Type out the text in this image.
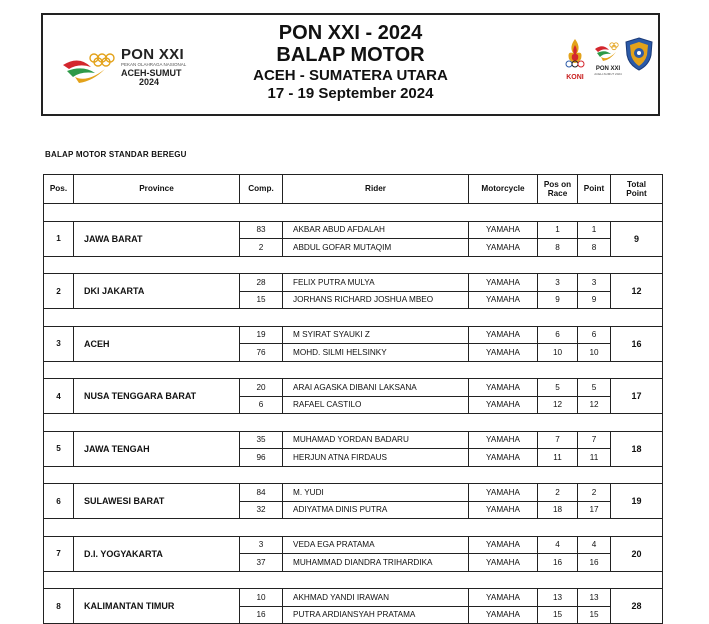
PON XXI
PEKAN OLAHRAGA NASIONAL
ACEH-SUMUT
2024
PON XXI - 2024
BALAP MOTOR
ACEH - SUMATERA UTARA
17 - 19 September 2024
KONI
PON XXI
ACEH-SUMUT 2024
BALAP MOTOR STANDAR BEREGU
Pos.	Province	Comp.	Rider	Motorcycle	Pos on
Race	Point	Total
Point

1	JAWA BARAT	83	AKBAR ABUD AFDALAH	YAMAHA	1	1	9
		2	ABDUL GOFAR MUTAQIM	YAMAHA	8	8	

2	DKI JAKARTA	28	FELIX PUTRA MULYA	YAMAHA	3	3	12
		15	JORHANS RICHARD JOSHUA MBEO	YAMAHA	9	9	

3	ACEH	19	M SYIRAT SYAUKI Z	YAMAHA	6	6	16
		76	MOHD. SILMI HELSINKY	YAMAHA	10	10	

4	NUSA TENGGARA BARAT	20	ARAI AGASKA DIBANI LAKSANA	YAMAHA	5	5	17
		6	RAFAEL CASTILO	YAMAHA	12	12	

5	JAWA TENGAH	35	MUHAMAD YORDAN BADARU	YAMAHA	7	7	18
		96	HERJUN ATNA FIRDAUS	YAMAHA	11	11	

6	SULAWESI BARAT	84	M. YUDI	YAMAHA	2	2	19
		32	ADIYATMA DINIS PUTRA	YAMAHA	18	17	

7	D.I. YOGYAKARTA	3	VEDA EGA PRATAMA	YAMAHA	4	4	20
		37	MUHAMMAD DIANDRA TRIHARDIKA	YAMAHA	16	16	

8	KALIMANTAN TIMUR	10	AKHMAD YANDI IRAWAN	YAMAHA	13	13	28
		16	PUTRA ARDIANSYAH PRATAMA	YAMAHA	15	15	
